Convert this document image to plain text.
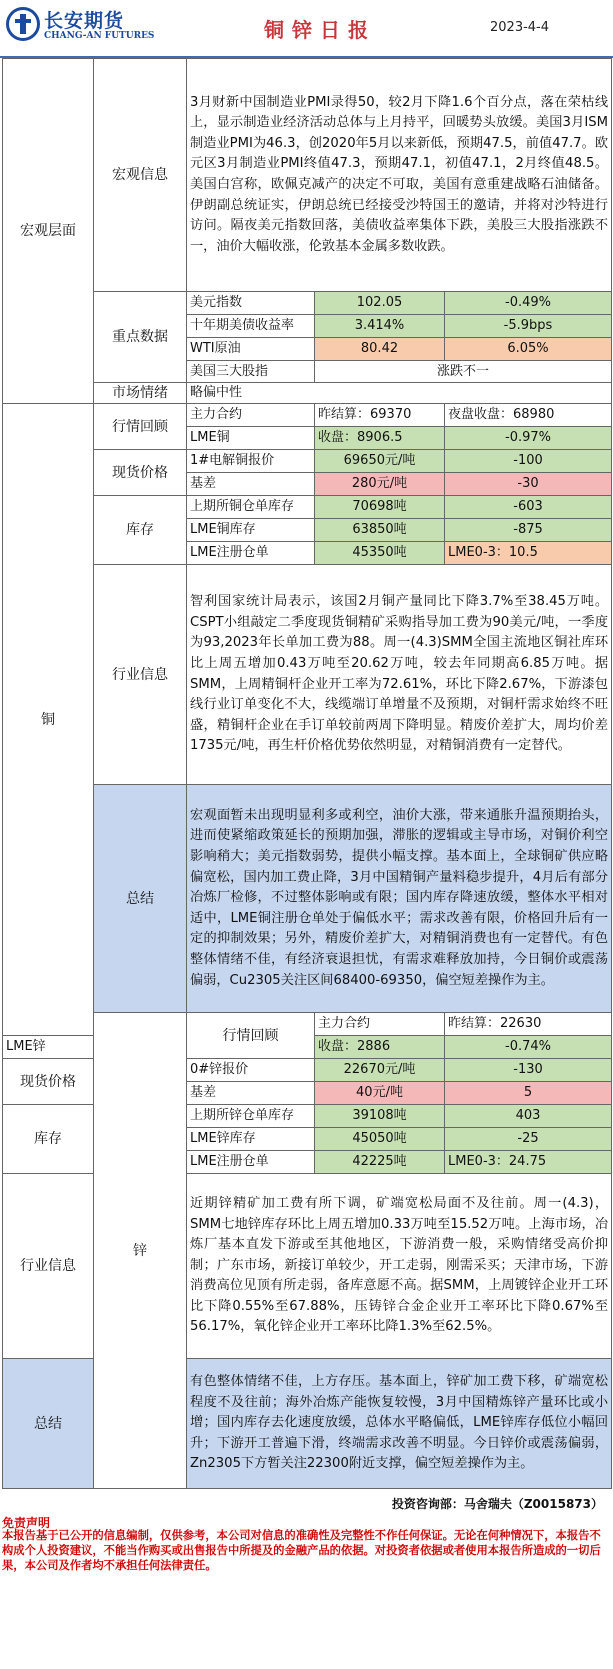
长安期货
CHANG-AN FUTURES	铜锌日报	2023-4-4
宏观层面	宏观信息	3月财新中国制造业PMI录得50，较2月下降1.6个百分点，落在荣枯线上，显示制造业经济活动总体与上月持平，回暖势头放缓。美国3月ISM制造业PMI为46.3，创2020年5月以来新低，预期47.5，前值47.7。欧元区3月制造业PMI终值47.3，预期47.1，初值47.1，2月终值48.5。美国白宫称，欧佩克减产的决定不可取，美国有意重建战略石油储备。伊朗副总统证实，伊朗总统已经接受沙特国王的邀请，并将对沙特进行访问。隔夜美元指数回落，美债收益率集体下跌，美股三大股指涨跌不一，油价大幅收涨，伦敦基本金属多数收跌。			
	重点数据	美元指数	102.05	-0.49%	
		十年期美债收益率	3.414%	-5.9bps	
		WTI原油	80.42	6.05%	
		美国三大股指	涨跌不一		
	市场情绪	略偏中性			
铜	行情回顾	主力合约	昨结算：69370	夜盘收盘：68980	
		LME铜	收盘：8906.5	-0.97%	
	现货价格	1#电解铜报价	69650元/吨	-100	
		基差	280元/吨	-30	
	库存	上期所铜仓单库存	70698吨	-603	
		LME铜库存	63850吨	-875	
		LME注册仓单	45350吨	LME0-3：10.5	
	行业信息	智利国家统计局表示，该国2月铜产量同比下降3.7%至38.45万吨。CSPT小组敲定二季度现货铜精矿采购指导加工费为90美元/吨，一季度为93,2023年长单加工费为88。周一(4.3)SMM全国主流地区铜社库环比上周五增加0.43万吨至20.62万吨，较去年同期高6.85万吨。据SMM，上周精铜杆企业开工率为72.61%，环比下降2.67%，下游漆包线行业订单变化不大，线缆端订单增量不及预期，对铜杆需求始终不旺盛，精铜杆企业在手订单较前两周下降明显。精废价差扩大，周均价差1735元/吨，再生杆价格优势依然明显，对精铜消费有一定替代。			
	总结	宏观面暂未出现明显利多或利空，油价大涨，带来通胀升温预期抬头，进而使紧缩政策延长的预期加强，滞胀的逻辑或主导市场，对铜价利空影响稍大；美元指数弱势，提供小幅支撑。基本面上，全球铜矿供应略偏宽松，国内加工费止降，3月中国精铜产量料稳步提升，4月后有部分冶炼厂检修，不过整体影响或有限；国内库存降速放缓，整体水平相对适中，LME铜注册仓单处于偏低水平；需求改善有限，价格回升后有一定的抑制效果；另外，精废价差扩大，对精铜消费也有一定替代。有色整体情绪不佳，有经济衰退担忧，有需求难释放加持，今日铜价或震荡偏弱，Cu2305关注区间68400-69350，偏空短差操作为主。			
	锌	行情回顾	主力合约	昨结算：22630	
LME锌			收盘：2886	-0.74%	
现货价格		0#锌报价	22670元/吨	-130	
		基差	40元/吨	5	
库存		上期所锌仓单库存	39108吨	403	
		LME锌库存	45050吨	-25	
		LME注册仓单	42225吨	LME0-3：24.75	
行业信息		近期锌精矿加工费有所下调，矿端宽松局面不及往前。周一(4.3)，SMM七地锌库存环比上周五增加0.33万吨至15.52万吨。上海市场，冶炼厂基本直发下游或至其他地区，下游消费一般，采购情绪受高价抑制；广东市场，新接订单较少，开工走弱，刚需采买；天津市场，下游消费高位见顶有所走弱，备库意愿不高。据SMM，上周镀锌企业开工环比下降0.55%至67.88%，压铸锌合金企业开工率环比下降0.67%至56.17%，氧化锌企业开工率环比降1.3%至62.5%。			
总结		有色整体情绪不佳，上方存压。基本面上，锌矿加工费下移，矿端宽松程度不及往前；海外冶炼产能恢复较慢，3月中国精炼锌产量环比或小增；国内库存去化速度放缓，总体水平略偏低，LME锌库存低位小幅回升；下游开工普遍下滑，终端需求改善不明显。今日锌价或震荡偏弱，Zn2305下方暂关注22300附近支撑，偏空短差操作为主。			
投资咨询部：马舍瑞夫（Z0015873）
免责声明
本报告基于已公开的信息编制，仅供参考，本公司对信息的准确性及完整性不作任何保证。无论在何种情况下，本报告不构成个人投资建议，不能当作购买或出售报告中所提及的金融产品的依据。对投资者依据或者使用本报告所造成的一切后果，本公司及作者均不承担任何法律责任。
